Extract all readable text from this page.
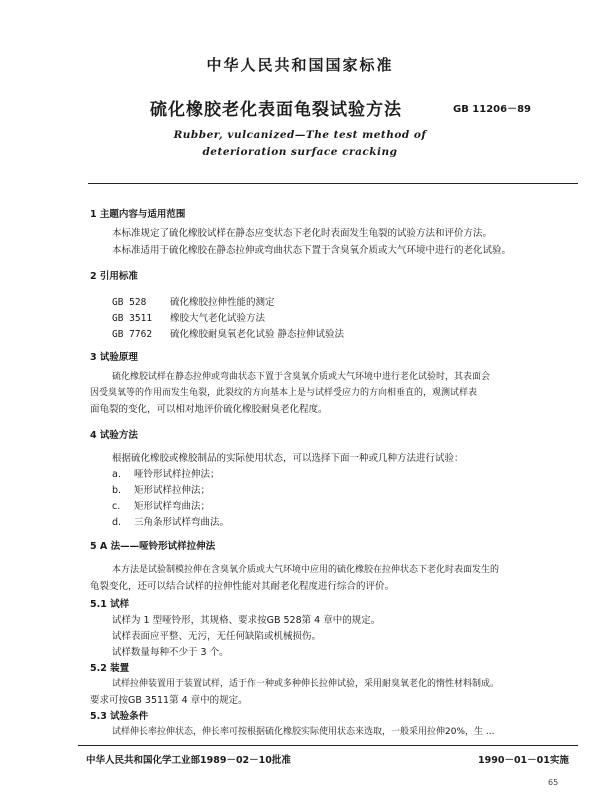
中华人民共和国国家标准
硫化橡胶老化表面龟裂试验方法	GB 11206－89
Rubber, vulcanized—The test method of
deterioration surface cracking
1 主题内容与适用范围
本标准规定了硫化橡胶试样在静态应变状态下老化时表面发生龟裂的试验方法和评价方法。
本标准适用于硫化橡胶在静态拉伸或弯曲状态下置于含臭氧介质或大气环境中进行的老化试验。
2 引用标准
GB 528 硫化橡胶拉伸性能的测定
GB 3511 橡胶大气老化试验方法
GB 7762 硫化橡胶耐臭氧老化试验 静态拉伸试验法
3 试验原理
硫化橡胶试样在静态拉伸或弯曲状态下置于含臭氧介质或大气环境中进行老化试验时，其表面会
因受臭氧等的作用而发生龟裂，此裂纹的方向基本上是与试样受应力的方向相垂直的，观测试样表
面龟裂的变化，可以相对地评价硫化橡胶耐臭老化程度。
4 试验方法
根据硫化橡胶或橡胶制品的实际使用状态，可以选择下面一种或几种方法进行试验：
a. 哑铃形试样拉伸法；
b. 矩形试样拉伸法；
c. 矩形试样弯曲法；
d. 三角条形试样弯曲法。
5 A 法——哑铃形试样拉伸法
本方法是试验制模拉伸在含臭氧介质或大气环境中应用的硫化橡胶在拉伸状态下老化时表面发生的
龟裂变化，还可以结合试样的拉伸性能对其耐老化程度进行综合的评价。
5.1 试样
试样为 1 型哑铃形，其规格、要求按GB 528第 4 章中的规定。
试样表面应平整、无污，无任何缺陷或机械损伤。
试样数量每种不少于 3 个。
5.2 装置
试样拉伸装置用于装置试样，适于作一种或多种伸长拉伸试验，采用耐臭氧老化的惰性材料制成。
要求可按GB 3511第 4 章中的规定。
5.3 试验条件
试样伸长率拉伸状态，伸长率可按根据硫化橡胶实际使用状态来选取，一般采用拉伸20%，生 ...
中华人民共和国化学工业部1989－02－10批准	1990－01－01实施
65
